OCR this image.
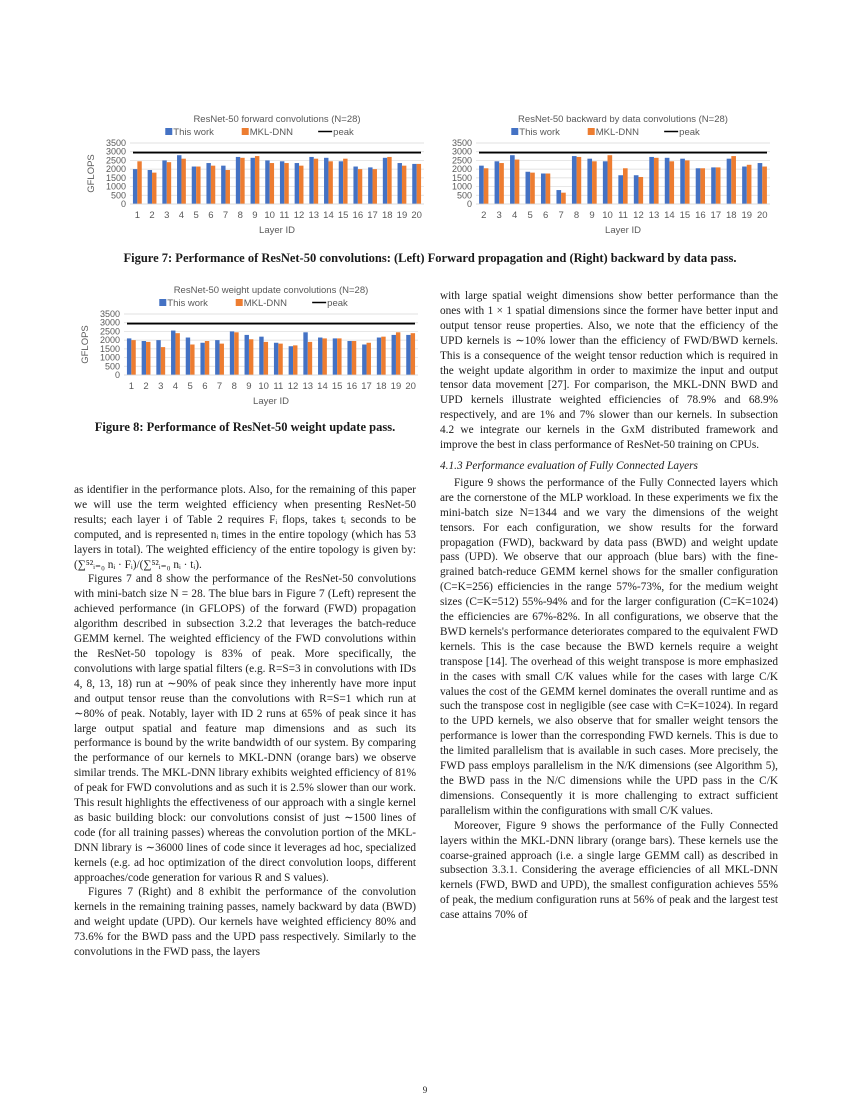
ResNet-50 forward convolutions (N=28)
This work	MKL-DNN	peak
0
500
1000
1500
2000
2500
3000
3500
GFLOPS
1 2 3 4 5 6 7 8 9 10 11 12 13 14 15 16 17 18 19 20
Layer ID
ResNet-50 backward by data convolutions (N=28)
This work	MKL-DNN	peak
0
500
1000
1500
2000
2500
3000
3500
2 3 4 5 6 7 8 9 10 11 12 13 14 15 16 17 18 19 20
Layer ID
Figure 7: Performance of ResNet-50 convolutions: (Left) Forward propagation and (Right) backward by data pass.
ResNet-50 weight update convolutions (N=28)
This work	MKL-DNN	peak
0
500
1000
1500
2000
2500
3000
3500
GFLOPS
1 2 3 4 5 6 7 8 9 10 11 12 13 14 15 16 17 18 19 20
Layer ID
Figure 8: Performance of ResNet-50 weight update pass.

as identifier in the performance plots. Also, for the remaining of this paper we will use the term weighted efficiency when presenting ResNet-50 results; each layer i of Table 2 requires Fᵢ flops, takes tᵢ seconds to be computed, and is represented nᵢ times in the entire topology (which has 53 layers in total). The weighted efficiency of the entire topology is given by: (∑⁵²ᵢ₌₀ nᵢ · Fᵢ)/(∑⁵²ᵢ₌₀ nᵢ · tᵢ).

Figures 7 and 8 show the performance of the ResNet-50 convolutions with mini-batch size N = 28. The blue bars in Figure 7 (Left) represent the achieved performance (in GFLOPS) of the forward (FWD) propagation algorithm described in subsection 3.2.2 that leverages the batch-reduce GEMM kernel. The weighted efficiency of the FWD convolutions within the ResNet-50 topology is 83% of peak. More specifically, the convolutions with large spatial filters (e.g. R=S=3 in convolutions with IDs 4, 8, 13, 18) run at ∼90% of peak since they inherently have more input and output tensor reuse than the convolutions with R=S=1 which run at ∼80% of peak. Notably, layer with ID 2 runs at 65% of peak since it has large output spatial and feature map dimensions and as such its performance is bound by the write bandwidth of our system. By comparing the performance of our kernels to MKL-DNN (orange bars) we observe similar trends. The MKL-DNN library exhibits weighted efficiency of 81% of peak for FWD convolutions and as such it is 2.5% slower than our work. This result highlights the effectiveness of our approach with a single kernel as basic building block: our convolutions consist of just ∼1500 lines of code (for all training passes) whereas the convolution portion of the MKL-DNN library is ∼36000 lines of code since it leverages ad hoc, specialized kernels (e.g. ad hoc optimization of the direct convolution loops, different approaches/code generation for various R and S values).

Figures 7 (Right) and 8 exhibit the performance of the convolution kernels in the remaining training passes, namely backward by data (BWD) and weight update (UPD). Our kernels have weighted efficiency 80% and 73.6% for the BWD pass and the UPD pass respectively. Similarly to the convolutions in the FWD pass, the layers

with large spatial weight dimensions show better performance than the ones with 1 × 1 spatial dimensions since the former have better input and output tensor reuse properties. Also, we note that the efficiency of the UPD kernels is ∼10% lower than the efficiency of FWD/BWD kernels. This is a consequence of the weight tensor reduction which is required in the weight update algorithm in order to maximize the input and output tensor data movement [27]. For comparison, the MKL-DNN BWD and UPD kernels illustrate weighted efficiencies of 78.9% and 68.9% respectively, and are 1% and 7% slower than our kernels. In subsection 4.2 we integrate our kernels in the GxM distributed framework and improve the best in class performance of ResNet-50 training on CPUs.

4.1.3 Performance evaluation of Fully Connected Layers

Figure 9 shows the performance of the Fully Connected layers which are the cornerstone of the MLP workload. In these experiments we fix the mini-batch size N=1344 and we vary the dimensions of the weight tensors. For each configuration, we show results for the forward propagation (FWD), backward by data pass (BWD) and weight update pass (UPD). We observe that our approach (blue bars) with the fine-grained batch-reduce GEMM kernel shows for the smaller configuration (C=K=256) efficiencies in the range 57%-73%, for the medium weight sizes (C=K=512) 55%-94% and for the larger configuration (C=K=1024) the efficiencies are 67%-82%. In all configurations, we observe that the BWD kernels's performance deteriorates compared to the equivalent FWD kernels. This is the case because the BWD kernels require a weight transpose [14]. The overhead of this weight transpose is more emphasized in the cases with small C/K values while for the cases with large C/K values the cost of the GEMM kernel dominates the overall runtime and as such the transpose cost in negligible (see case with C=K=1024). In regard to the UPD kernels, we also observe that for smaller weight tensors the performance is lower than the corresponding FWD kernels. This is due to the limited parallelism that is available in such cases. More precisely, the FWD pass employs parallelism in the N/K dimensions (see Algorithm 5), the BWD pass in the N/C dimensions while the UPD pass in the C/K dimensions. Consequently it is more challenging to extract sufficient parallelism within the configurations with small C/K values.

Moreover, Figure 9 shows the performance of the Fully Connected layers within the MKL-DNN library (orange bars). These kernels use the coarse-grained approach (i.e. a single large GEMM call) as described in subsection 3.3.1. Considering the average efficiencies of all MKL-DNN kernels (FWD, BWD and UPD), the smallest configuration achieves 55% of peak, the medium configuration runs at 56% of peak and the largest test case attains 70% of

9
